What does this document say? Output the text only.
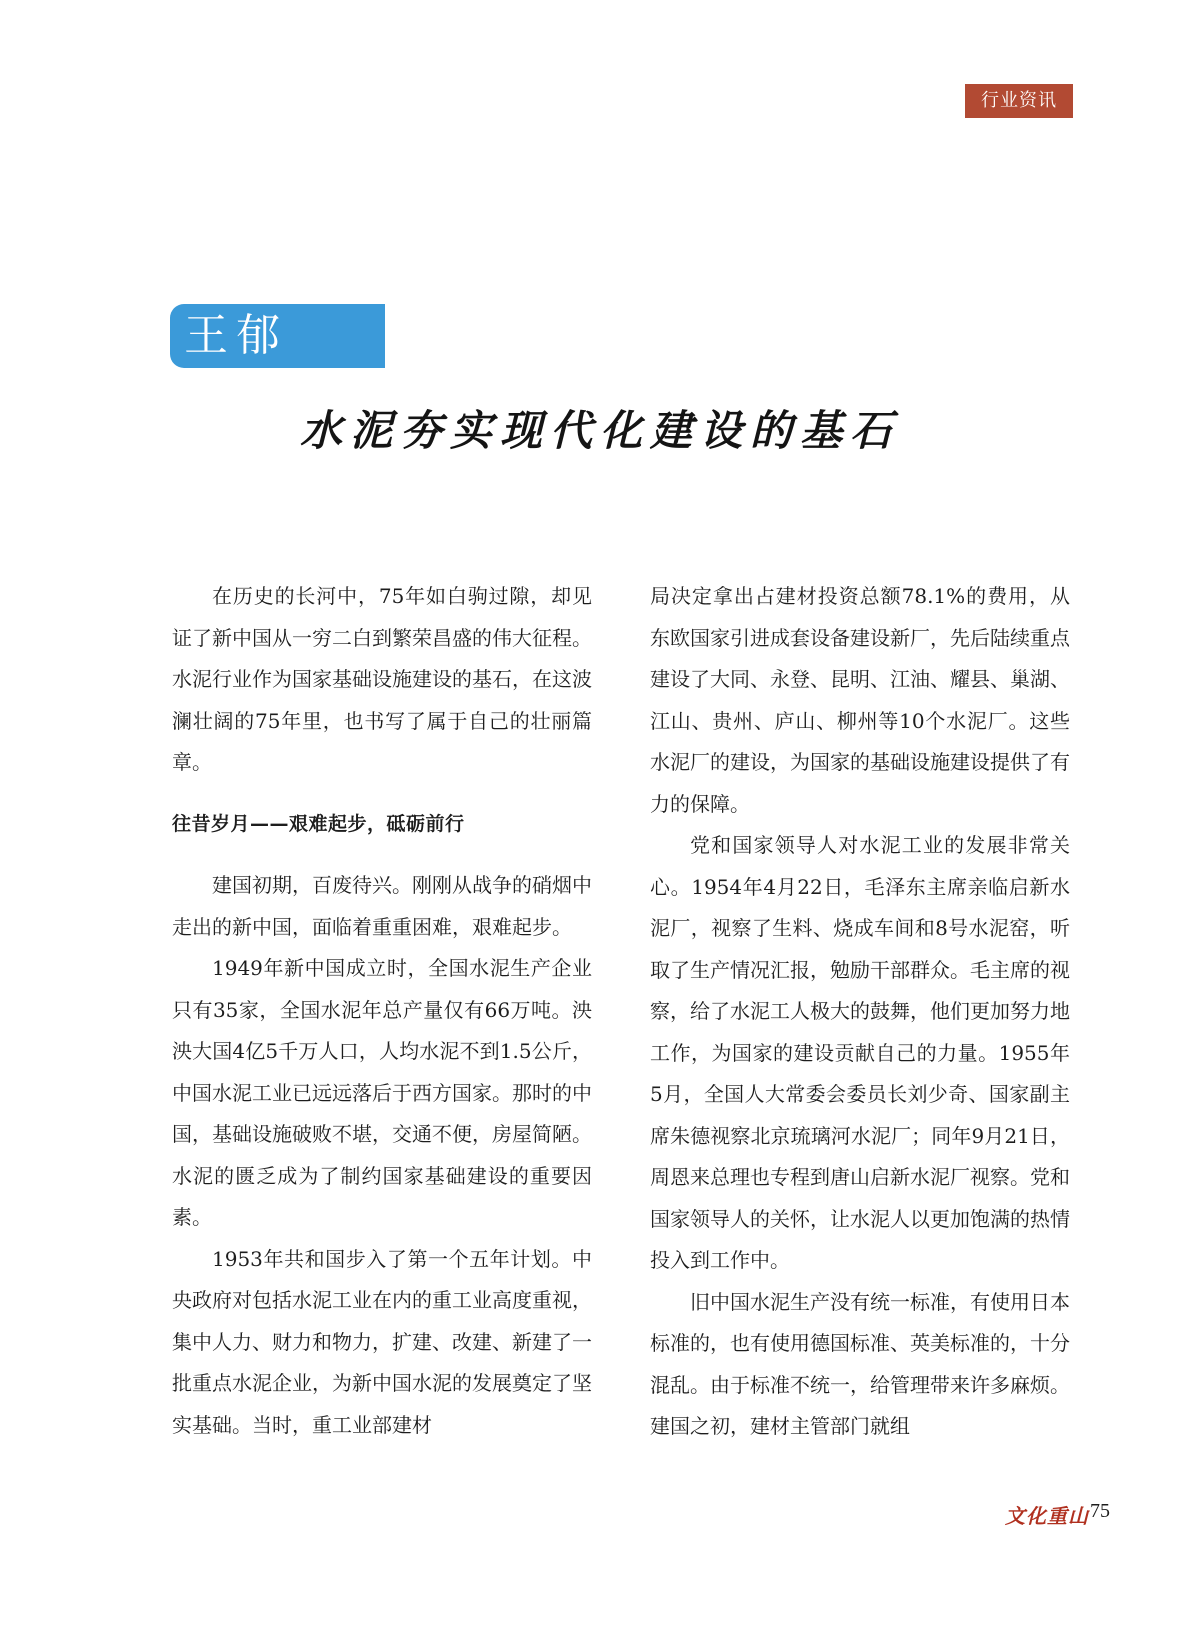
行业资讯
王郁涛：
水泥夯实现代化建设的基石

在历史的长河中，75年如白驹过隙，却见证了新中国从一穷二白到繁荣昌盛的伟大征程。水泥行业作为国家基础设施建设的基石，在这波澜壮阔的75年里，也书写了属于自己的壮丽篇章。

往昔岁月——艰难起步，砥砺前行

建国初期，百废待兴。刚刚从战争的硝烟中走出的新中国，面临着重重困难，艰难起步。

1949年新中国成立时，全国水泥生产企业只有35家，全国水泥年总产量仅有66万吨。泱泱大国4亿5千万人口，人均水泥不到1.5公斤，中国水泥工业已远远落后于西方国家。那时的中国，基础设施破败不堪，交通不便，房屋简陋。水泥的匮乏成为了制约国家基础建设的重要因素。

1953年共和国步入了第一个五年计划。中央政府对包括水泥工业在内的重工业高度重视，集中人力、财力和物力，扩建、改建、新建了一批重点水泥企业，为新中国水泥的发展奠定了坚实基础。当时，重工业部建材

局决定拿出占建材投资总额78.1%的费用，从东欧国家引进成套设备建设新厂，先后陆续重点建设了大同、永登、昆明、江油、耀县、巢湖、江山、贵州、庐山、柳州等10个水泥厂。这些水泥厂的建设，为国家的基础设施建设提供了有力的保障。

党和国家领导人对水泥工业的发展非常关心。1954年4月22日，毛泽东主席亲临启新水泥厂，视察了生料、烧成车间和8号水泥窑，听取了生产情况汇报，勉励干部群众。毛主席的视察，给了水泥工人极大的鼓舞，他们更加努力地工作，为国家的建设贡献自己的力量。1955年5月，全国人大常委会委员长刘少奇、国家副主席朱德视察北京琉璃河水泥厂；同年9月21日，周恩来总理也专程到唐山启新水泥厂视察。党和国家领导人的关怀，让水泥人以更加饱满的热情投入到工作中。

旧中国水泥生产没有统一标准，有使用日本标准的，也有使用德国标准、英美标准的，十分混乱。由于标准不统一，给管理带来许多麻烦。建国之初，建材主管部门就组

文化重山 75
